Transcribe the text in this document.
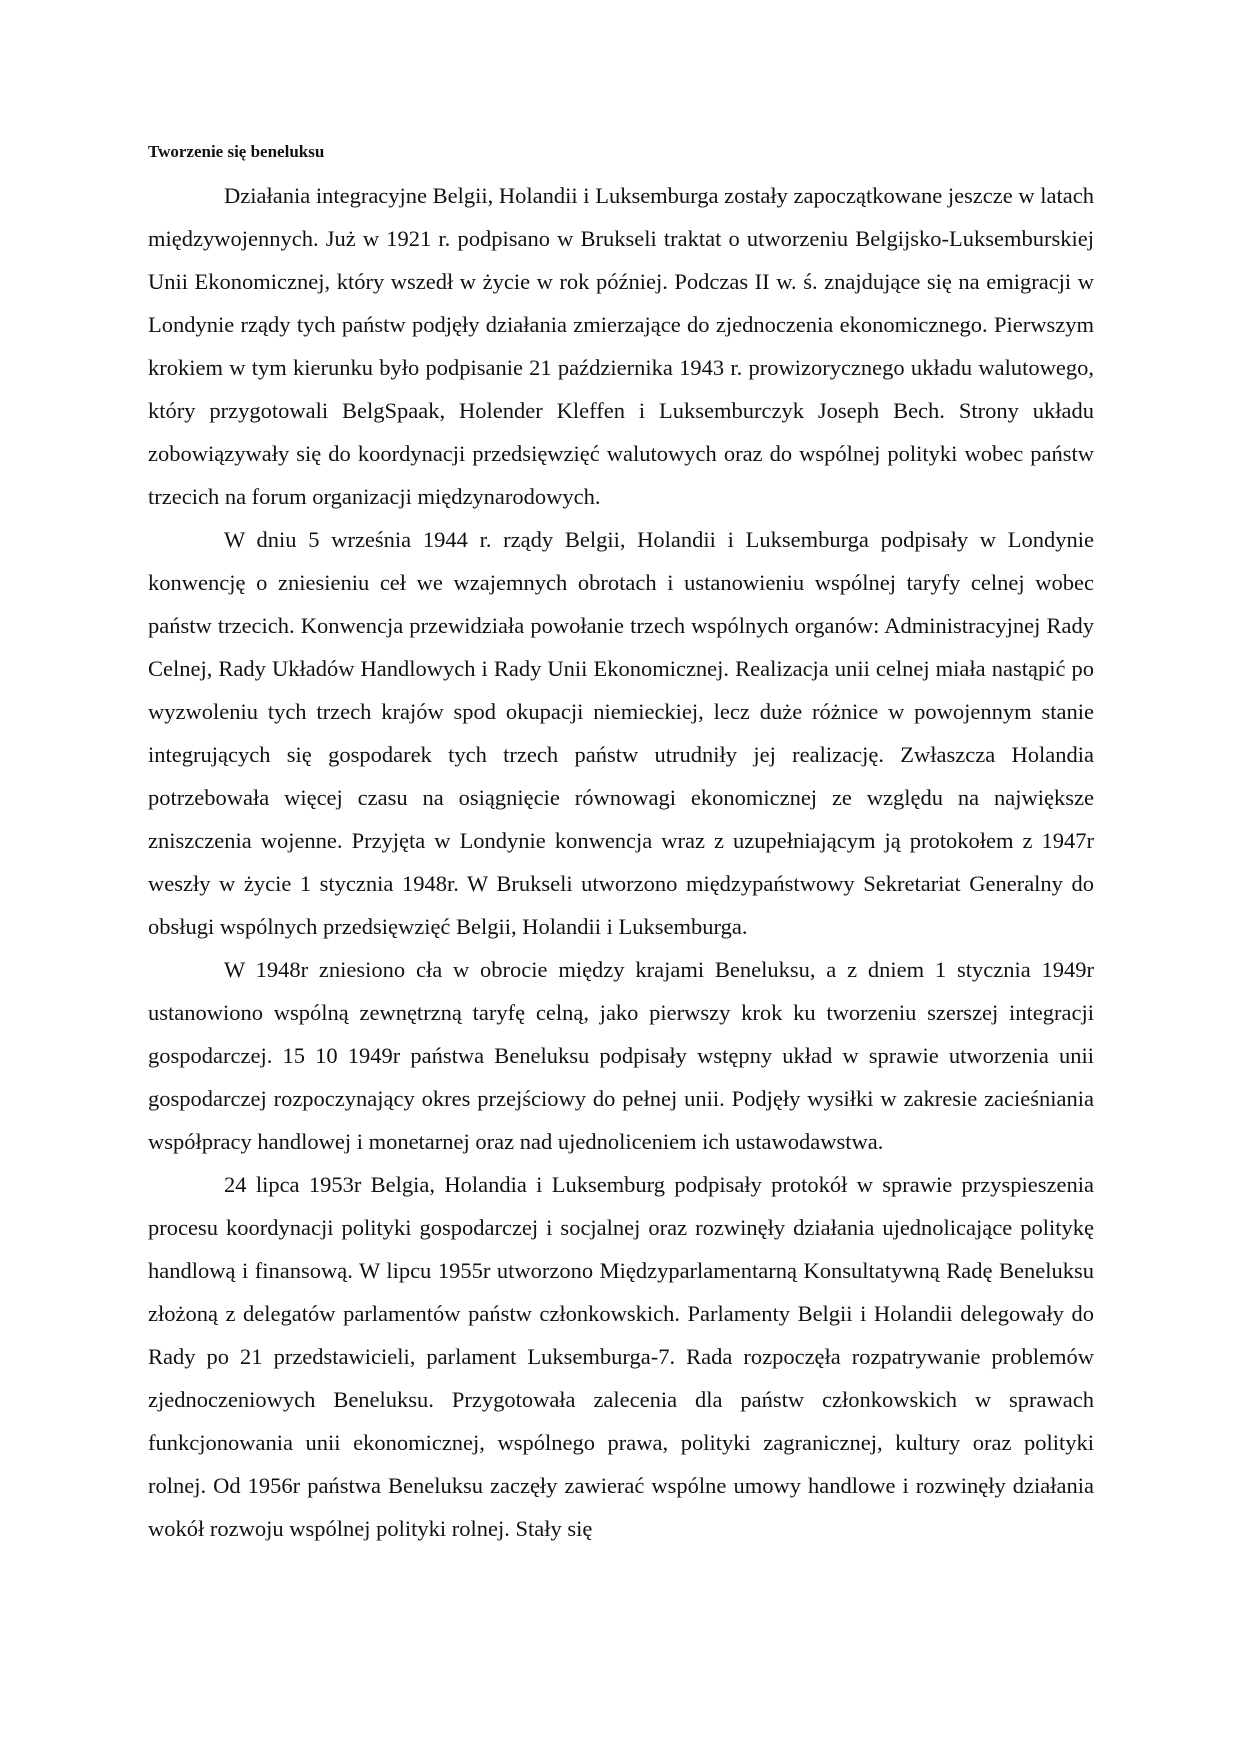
Tworzenie się beneluksu

Działania integracyjne Belgii, Holandii i Luksemburga zostały zapoczątkowane jeszcze w latach międzywojennych. Już w 1921 r. podpisano w Brukseli traktat o utworzeniu Belgijsko-Luksemburskiej Unii Ekonomicznej, który wszedł w życie w rok później. Podczas II w. ś. znajdujące się na emigracji w Londynie rządy tych państw podjęły działania zmierzające do zjednoczenia ekonomicznego. Pierwszym krokiem w tym kierunku było podpisanie 21 października 1943 r. prowizorycznego układu walutowego, który przygotowali BelgSpaak, Holender Kleffen i Luksemburczyk Joseph Bech. Strony układu zobowiązywały się do koordynacji przedsięwzięć walutowych oraz do wspólnej polityki wobec państw trzecich na forum organizacji międzynarodowych.

W dniu 5 września 1944 r. rządy Belgii, Holandii i Luksemburga podpisały w Londynie konwencję o zniesieniu ceł we wzajemnych obrotach i ustanowieniu wspólnej taryfy celnej wobec państw trzecich. Konwencja przewidziała powołanie trzech wspólnych organów: Administracyjnej Rady Celnej, Rady Układów Handlowych i Rady Unii Ekonomicznej. Realizacja unii celnej miała nastąpić po wyzwoleniu tych trzech krajów spod okupacji niemieckiej, lecz duże różnice w powojennym stanie integrujących się gospodarek tych trzech państw utrudniły jej realizację. Zwłaszcza Holandia potrzebowała więcej czasu na osiągnięcie równowagi ekonomicznej ze względu na największe zniszczenia wojenne. Przyjęta w Londynie konwencja wraz z uzupełniającym ją protokołem z 1947r weszły w życie 1 stycznia 1948r. W Brukseli utworzono międzypaństwowy Sekretariat Generalny do obsługi wspólnych przedsięwzięć Belgii, Holandii i Luksemburga.

W 1948r zniesiono cła w obrocie między krajami Beneluksu, a z dniem 1 stycznia 1949r ustanowiono wspólną zewnętrzną taryfę celną, jako pierwszy krok ku tworzeniu szerszej integracji gospodarczej. 15 10 1949r państwa Beneluksu podpisały wstępny układ w sprawie utworzenia unii gospodarczej rozpoczynający okres przejściowy do pełnej unii. Podjęły wysiłki w zakresie zacieśniania współpracy handlowej i monetarnej oraz nad ujednoliceniem ich ustawodawstwa.

24 lipca 1953r Belgia, Holandia i Luksemburg podpisały protokół w sprawie przyspieszenia procesu koordynacji polityki gospodarczej i socjalnej oraz rozwinęły działania ujednolicające politykę handlową i finansową. W lipcu 1955r utworzono Międzyparlamentarną Konsultatywną Radę Beneluksu złożoną z delegatów parlamentów państw członkowskich. Parlamenty Belgii i Holandii delegowały do Rady po 21 przedstawicieli, parlament Luksemburga-7. Rada rozpoczęła rozpatrywanie problemów zjednoczeniowych Beneluksu. Przygotowała zalecenia dla państw członkowskich w sprawach funkcjonowania unii ekonomicznej, wspólnego prawa, polityki zagranicznej, kultury oraz polityki rolnej. Od 1956r państwa Beneluksu zaczęły zawierać wspólne umowy handlowe i rozwinęły działania wokół rozwoju wspólnej polityki rolnej. Stały się
